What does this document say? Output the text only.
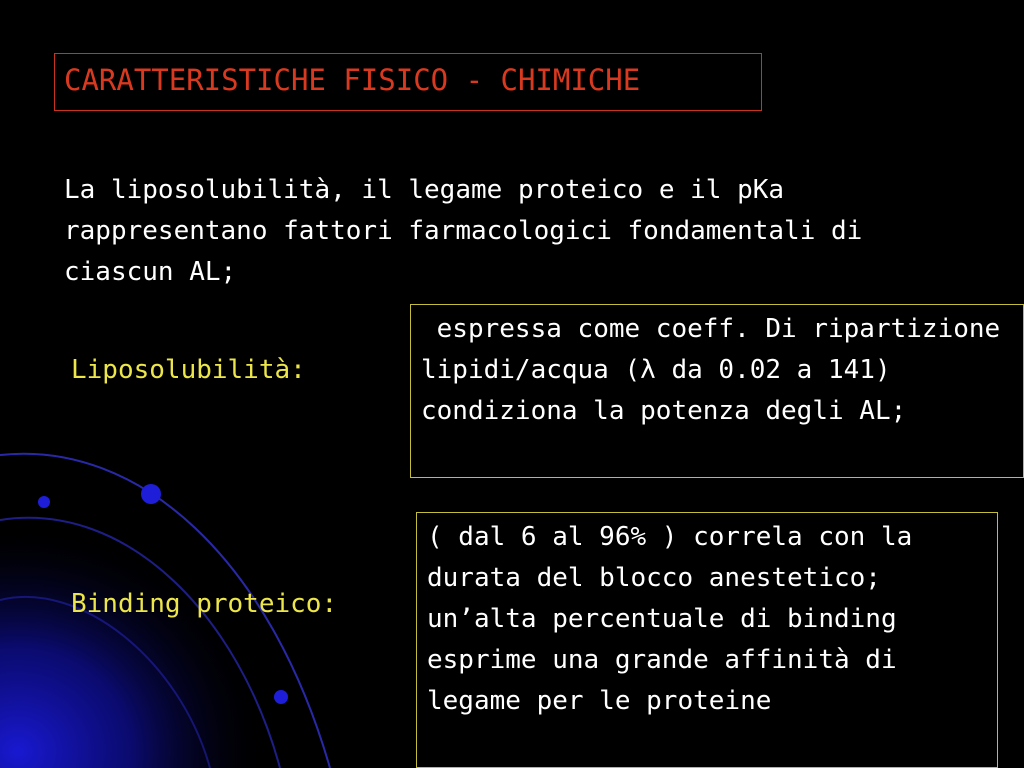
CARATTERISTICHE FISICO - CHIMICHE

La liposolubilità, il legame proteico e il pKa rappresentano fattori farmacologici fondamentali di ciascun AL;

Liposolubilità:

espressa come coeff. Di ripartizione lipidi/acqua (λ da 0.02 a 141) condiziona la potenza degli AL;

Binding proteico:

( dal 6 al 96% ) correla con la durata del blocco anestetico; un’alta percentuale di binding esprime una grande affinità di legame per le proteine
